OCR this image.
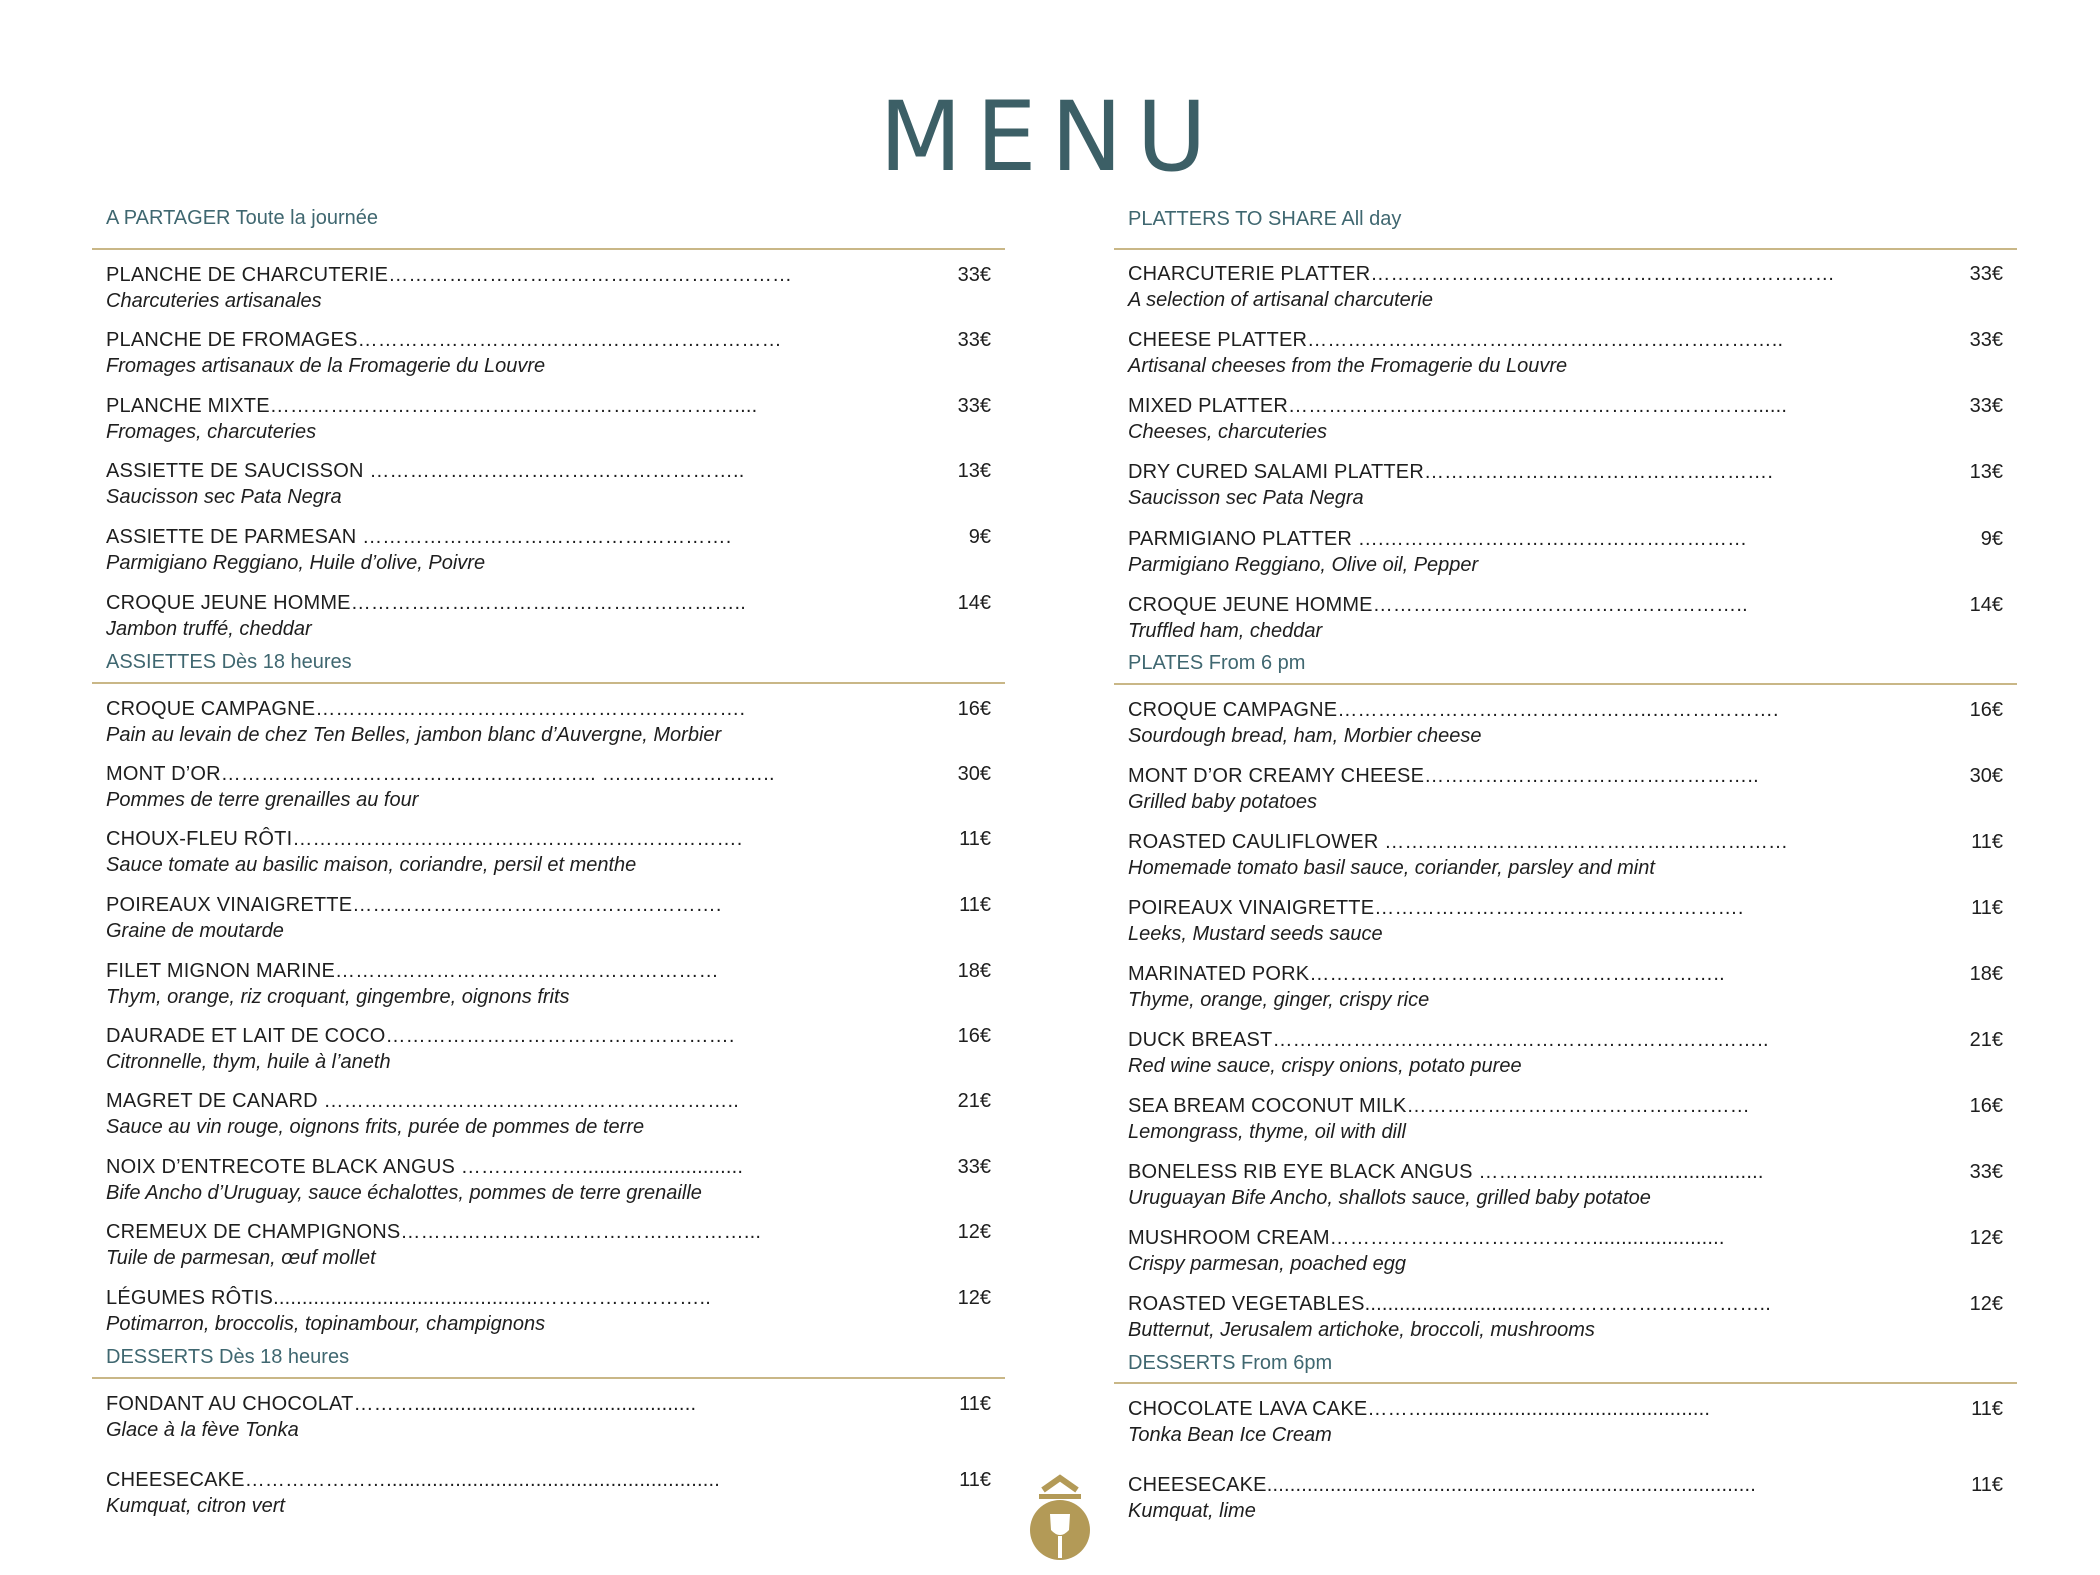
MENU
A PARTAGER Toute la journée
PLANCHE DE CHARCUTERIE……………………………………………………
Charcuteries artisanales
33€
PLANCHE DE FROMAGES………………………………………………………
Fromages artisanaux de la Fromagerie du Louvre
33€
PLANCHE MIXTE……………………………………………………………....
Fromages, charcuteries
33€
ASSIETTE DE SAUCISSON ………………………………………………..
Saucisson sec Pata Negra
13€
ASSIETTE DE PARMESAN ……………………………………………….
Parmigiano Reggiano, Huile d’olive, Poivre
9€
CROQUE JEUNE HOMME…………………………………………………..
Jambon truffé, cheddar
14€
ASSIETTES Dès 18 heures
CROQUE CAMPAGNE……………………………………………………….
Pain au levain de chez Ten Belles, jambon blanc d’Auvergne, Morbier
16€
MONT D’OR……………………………………………….. ……………………..
Pommes de terre grenailles au four
30€
CHOUX-FLEU RÔTI………………………………………………………….
Sauce tomate au basilic maison, coriandre, persil et menthe
11€
POIREAUX VINAIGRETTE……………………………………………….
Graine de moutarde
11€
FILET MIGNON MARINE…………………………………………………
Thym, orange, riz croquant, gingembre, oignons frits
18€
DAURADE ET LAIT DE COCO…………………………………………….
Citronnelle, thym, huile à l’aneth
16€
MAGRET DE CANARD ……………………………………………………..
Sauce au vin rouge, oignons frits, purée de pommes de terre
21€
NOIX D’ENTRECOTE BLACK ANGUS ………………............................
Bife Ancho d’Uruguay, sauce échalottes, pommes de terre grenaille
33€
CREMEUX DE CHAMPIGNONS……………………………………………...
Tuile de parmesan, œuf mollet
12€
LÉGUMES RÔTIS..............................................……………………..
Potimarron, broccolis, topinambour, champignons
12€
DESSERTS Dès 18 heures
FONDANT AU CHOCOLAT……….................................................
Glace à la fève Tonka
11€
CHEESECAKE…………………..........................................................
Kumquat, citron vert
11€
PLATTERS TO SHARE All day
CHARCUTERIE PLATTER……………………………………………………………
A selection of artisanal charcuterie
33€
CHEESE PLATTER……………………………………………………………..
Artisanal cheeses from the Fromagerie du Louvre
33€
MIXED PLATTER……………………………………………………………......
Cheeses, charcuteries
33€
DRY CURED SALAMI PLATTER…………………………………………….
Saucisson sec Pata Negra
13€
PARMIGIANO PLATTER ….………………………………………………
Parmigiano Reggiano, Olive oil, Pepper
9€
CROQUE JEUNE HOMME………………………………………………..
Truffled ham, cheddar
14€
PLATES From 6 pm
CROQUE CAMPAGNE………………………………………..……………….
Sourdough bread, ham, Morbier cheese
16€
MONT D’OR CREAMY CHEESE…………………………………………..
Grilled baby potatoes
30€
ROASTED CAULIFLOWER ……………………………………………………
Homemade tomato basil sauce, coriander, parsley and mint
11€
POIREAUX VINAIGRETTE……………………………………………….
Leeks, Mustard seeds sauce
11€
MARINATED PORK……………………………………………………..
Thyme, orange, ginger, crispy rice
18€
DUCK BREAST………………………………………………………………..
Red wine sauce, crispy onions, potato puree
21€
SEA BREAM COCONUT MILK……………………………………………
Lemongrass, thyme, oil with dill
16€
BONELESS RIB EYE BLACK ANGUS ……….……...............................
Uruguayan Bife Ancho, shallots sauce, grilled baby potatoe
33€
MUSHROOM CREAM………………………………….......................
Crispy parmesan, poached egg
12€
ROASTED VEGETABLES..............................……………………………..
Butternut, Jerusalem artichoke, broccoli, mushrooms
12€
DESSERTS From 6pm
CHOCOLATE LAVA CAKE……….................................................
Tonka Bean Ice Cream
11€
CHEESECAKE.....................................................................................
Kumquat, lime
11€
